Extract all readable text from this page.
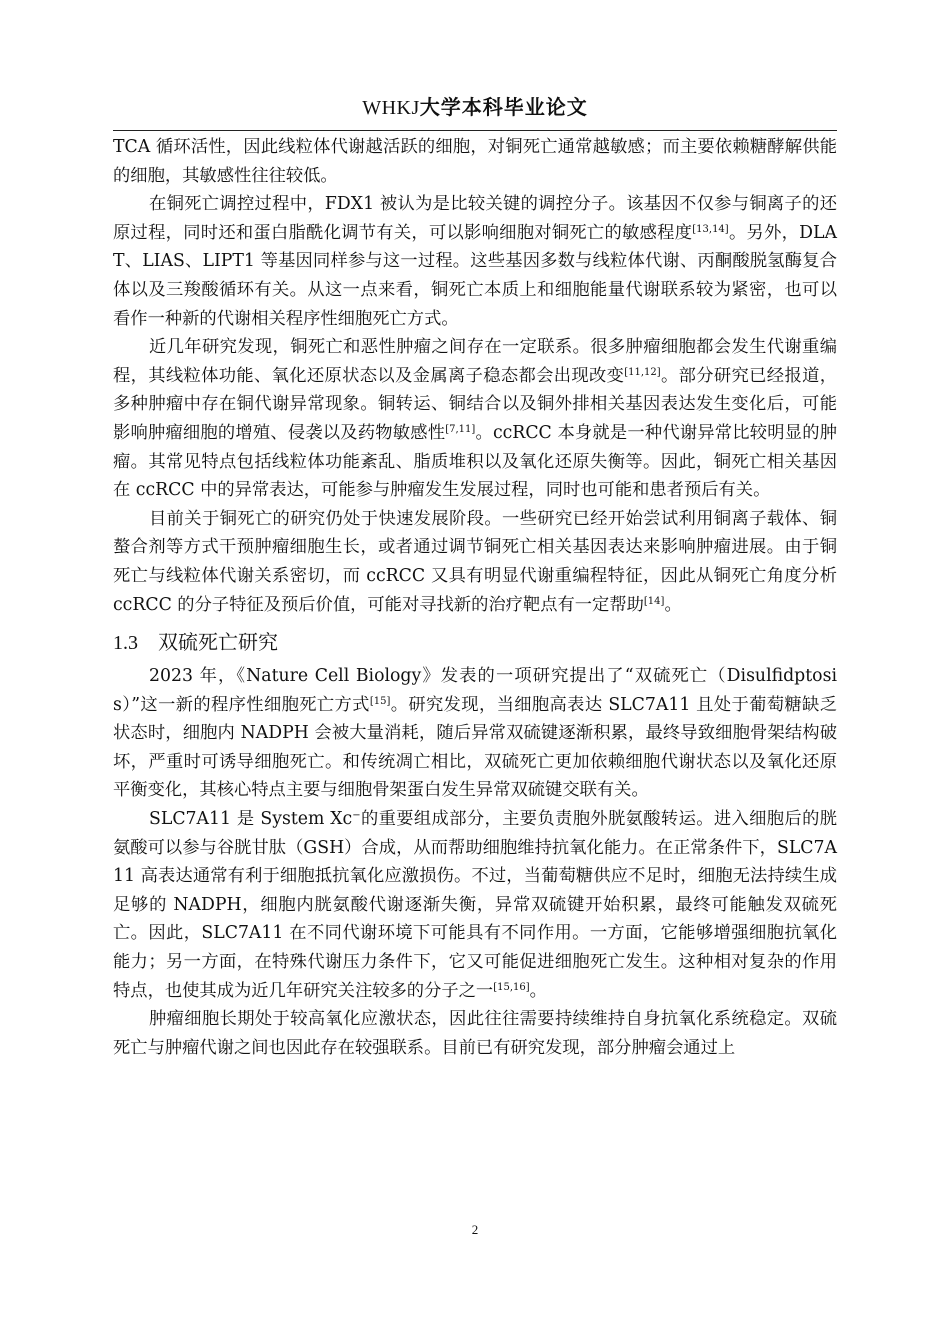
WHKJ大学本科毕业论文

TCA 循环活性，因此线粒体代谢越活跃的细胞，对铜死亡通常越敏感；而主要依赖糖酵解供能的细胞，其敏感性往往较低。

在铜死亡调控过程中，FDX1 被认为是比较关键的调控分子。该基因不仅参与铜离子的还原过程，同时还和蛋白脂酰化调节有关，可以影响细胞对铜死亡的敏感程度[13,14]。另外，DLAT、LIAS、LIPT1 等基因同样参与这一过程。这些基因多数与线粒体代谢、丙酮酸脱氢酶复合体以及三羧酸循环有关。从这一点来看，铜死亡本质上和细胞能量代谢联系较为紧密，也可以看作一种新的代谢相关程序性细胞死亡方式。

近几年研究发现，铜死亡和恶性肿瘤之间存在一定联系。很多肿瘤细胞都会发生代谢重编程，其线粒体功能、氧化还原状态以及金属离子稳态都会出现改变[11,12]。部分研究已经报道，多种肿瘤中存在铜代谢异常现象。铜转运、铜结合以及铜外排相关基因表达发生变化后，可能影响肿瘤细胞的增殖、侵袭以及药物敏感性[7,11]。ccRCC 本身就是一种代谢异常比较明显的肿瘤。其常见特点包括线粒体功能紊乱、脂质堆积以及氧化还原失衡等。因此，铜死亡相关基因在 ccRCC 中的异常表达，可能参与肿瘤发生发展过程，同时也可能和患者预后有关。

目前关于铜死亡的研究仍处于快速发展阶段。一些研究已经开始尝试利用铜离子载体、铜螯合剂等方式干预肿瘤细胞生长，或者通过调节铜死亡相关基因表达来影响肿瘤进展。由于铜死亡与线粒体代谢关系密切，而 ccRCC 又具有明显代谢重编程特征，因此从铜死亡角度分析 ccRCC 的分子特征及预后价值，可能对寻找新的治疗靶点有一定帮助[14]。

1.3 双硫死亡研究

2023 年，《Nature Cell Biology》发表的一项研究提出了“双硫死亡（Disulfidptosis）”这一新的程序性细胞死亡方式[15]。研究发现，当细胞高表达 SLC7A11 且处于葡萄糖缺乏状态时，细胞内 NADPH 会被大量消耗，随后异常双硫键逐渐积累，最终导致细胞骨架结构破坏，严重时可诱导细胞死亡。和传统凋亡相比，双硫死亡更加依赖细胞代谢状态以及氧化还原平衡变化，其核心特点主要与细胞骨架蛋白发生异常双硫键交联有关。

SLC7A11 是 System Xc−的重要组成部分，主要负责胞外胱氨酸转运。进入细胞后的胱氨酸可以参与谷胱甘肽（GSH）合成，从而帮助细胞维持抗氧化能力。在正常条件下，SLC7A11 高表达通常有利于细胞抵抗氧化应激损伤。不过，当葡萄糖供应不足时，细胞无法持续生成足够的 NADPH，细胞内胱氨酸代谢逐渐失衡，异常双硫键开始积累，最终可能触发双硫死亡。因此，SLC7A11 在不同代谢环境下可能具有不同作用。一方面，它能够增强细胞抗氧化能力；另一方面，在特殊代谢压力条件下，它又可能促进细胞死亡发生。这种相对复杂的作用特点，也使其成为近几年研究关注较多的分子之一[15,16]。

肿瘤细胞长期处于较高氧化应激状态，因此往往需要持续维持自身抗氧化系统稳定。双硫死亡与肿瘤代谢之间也因此存在较强联系。目前已有研究发现，部分肿瘤会通过上

2
